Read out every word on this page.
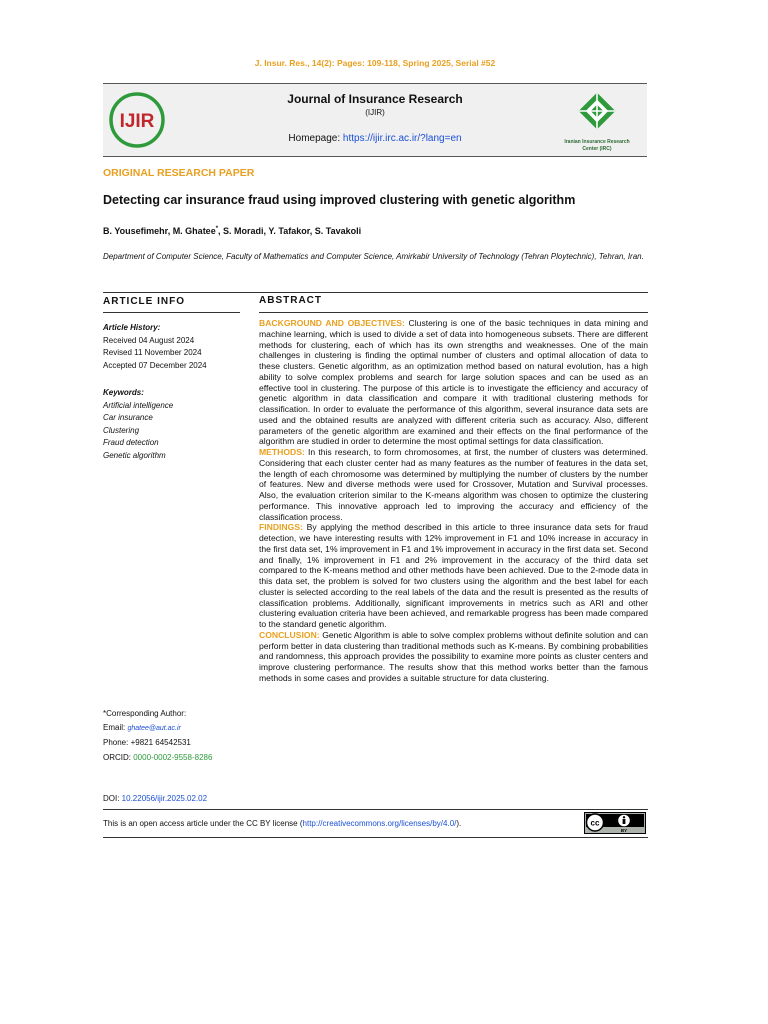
J. Insur. Res., 14(2): Pages: 109-118, Spring 2025, Serial #52
IJIR
Journal of Insurance Research
(IJIR)
Homepage: https://ijir.irc.ac.ir/?lang=en	Iranian Insurance Research
Center (IRC)
ORIGINAL RESEARCH PAPER
Detecting car insurance fraud using improved clustering with genetic algorithm
B. Yousefimehr, M. Ghatee*, S. Moradi, Y. Tafakor, S. Tavakoli
Department of Computer Science, Faculty of Mathematics and Computer Science, Amirkabir University of Technology (Tehran Ploytechnic), Tehran, Iran.
ARTICLE INFO	ABSTRACT
Article History:
Received 04 August 2024
Revised 11 November 2024
Accepted 07 December 2024
Keywords:
Artificial intelligence
Car insurance
Clustering
Fraud detection
Genetic algorithm
*Corresponding Author:
Email: ghatee@aut.ac.ir
Phone: +9821 64542531
ORCID: 0000-0002-9558-8286
DOI: 10.22056/ijir.2025.02.02

BACKGROUND AND OBJECTIVES: Clustering is one of the basic techniques in data mining and machine learning, which is used to divide a set of data into homogeneous subsets. There are different methods for clustering, each of which has its own strengths and weaknesses. One of the main challenges in clustering is finding the optimal number of clusters and optimal allocation of data to these clusters. Genetic algorithm, as an optimization method based on natural evolution, has a high ability to solve complex problems and search for large solution spaces and can be used as an effective tool in clustering. The purpose of this article is to investigate the efficiency and accuracy of genetic algorithm in data classification and compare it with traditional clustering methods for classification. In order to evaluate the performance of this algorithm, several insurance data sets are used and the obtained results are analyzed with different criteria such as accuracy. Also, different parameters of the genetic algorithm are examined and their effects on the final performance of the algorithm are studied in order to determine the most optimal settings for data classification.

METHODS: In this research, to form chromosomes, at first, the number of clusters was determined. Considering that each cluster center had as many features as the number of features in the data set, the length of each chromosome was determined by multiplying the number of clusters by the number of features. New and diverse methods were used for Crossover, Mutation and Survival processes. Also, the evaluation criterion similar to the K-means algorithm was chosen to optimize the clustering performance. This innovative approach led to improving the accuracy and efficiency of the classification process.

FINDINGS: By applying the method described in this article to three insurance data sets for fraud detection, we have interesting results with 12% improvement in F1 and 10% increase in accuracy in the first data set, 1% improvement in F1 and 1% improvement in accuracy in the first data set. Second and finally, 1% improvement in F1 and 2% improvement in the accuracy of the third data set compared to the K-means method and other methods have been achieved. Due to the 2-mode data in this data set, the problem is solved for two clusters using the algorithm and the best label for each cluster is selected according to the real labels of the data and the result is presented as the results of classification problems. Additionally, significant improvements in metrics such as ARI and other clustering evaluation criteria have been achieved, and remarkable progress has been made compared to the standard genetic algorithm.

CONCLUSION: Genetic Algorithm is able to solve complex problems without definite solution and can perform better in data clustering than traditional methods such as K-means. By combining probabilities and randomness, this approach provides the possibility to examine more points as cluster centers and improve clustering performance. The results show that this method works better than the famous methods in some cases and provides a suitable structure for data clustering.

This is an open access article under the CC BY license (http://creativecommons.org/licenses/by/4.0/).	cc
BY
